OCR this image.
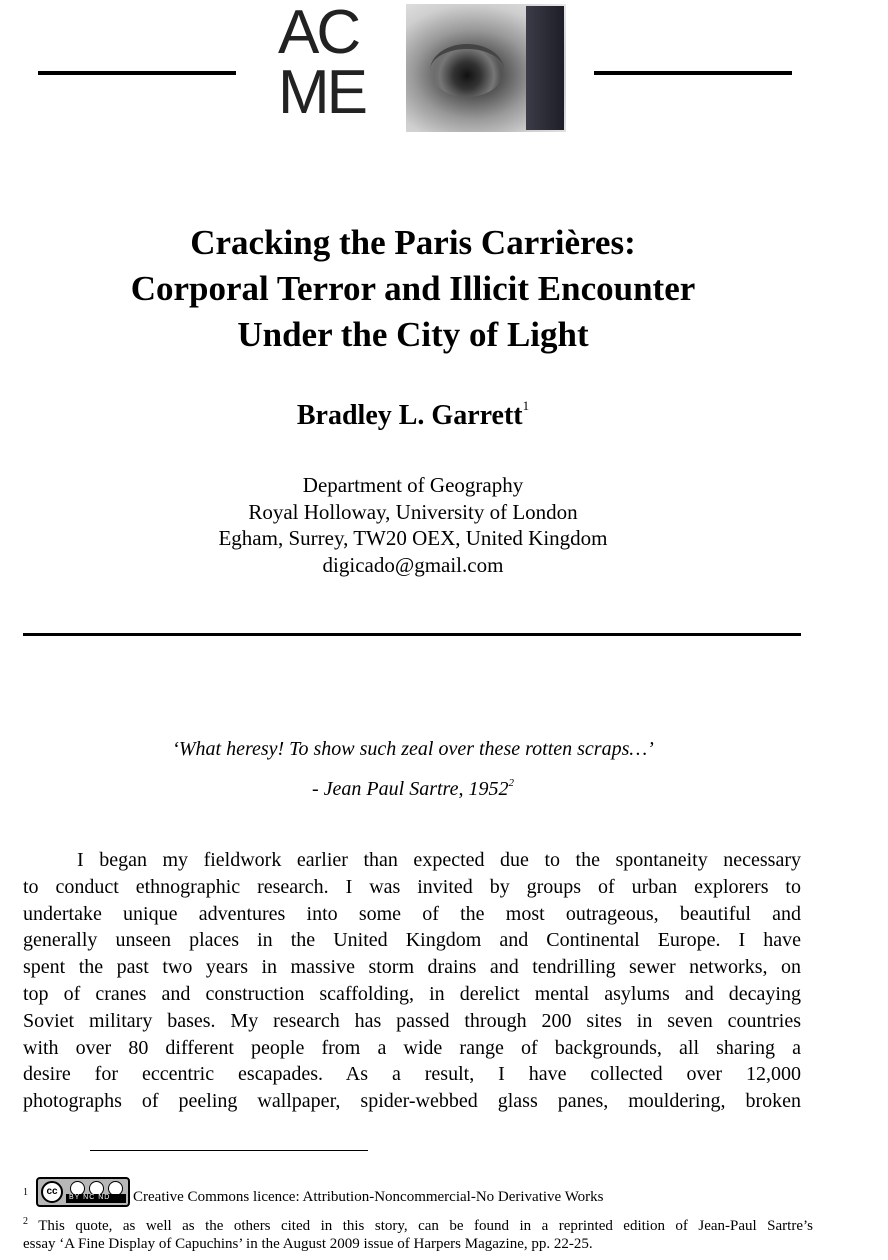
AC
ME
Cracking the Paris Carrières:
Corporal Terror and Illicit Encounter
Under the City of Light
Bradley L. Garrett$^1$
Department of Geography
Royal Holloway, University of London
Egham, Surrey, TW20 OEX, United Kingdom
digicado@gmail.com
‘What heresy! To show such zeal over these rotten scraps…’
- Jean Paul Sartre, 1952$^2$
I began my fieldwork earlier than expected due to the spontaneity necessary
to conduct ethnographic research. I was invited by groups of urban explorers to
undertake unique adventures into some of the most outrageous, beautiful and
generally unseen places in the United Kingdom and Continental Europe. I have
spent the past two years in massive storm drains and tendrilling sewer networks, on
top of cranes and construction scaffolding, in derelict mental asylums and decaying
Soviet military bases. My research has passed through 200 sites in seven countries
with over 80 different people from a wide range of backgrounds, all sharing a
desire for eccentric escapades. As a result, I have collected over 12,000
photographs of peeling wallpaper, spider-webbed glass panes, mouldering, broken
$^1$	cc
BY NC ND Creative Commons licence: Attribution-Noncommercial-No Derivative Works
$^2$ This quote, as well as the others cited in this story, can be found in a reprinted edition of Jean-Paul Sartre’s
essay ‘A Fine Display of Capuchins’ in the August 2009 issue of Harpers Magazine, pp. 22-25.
